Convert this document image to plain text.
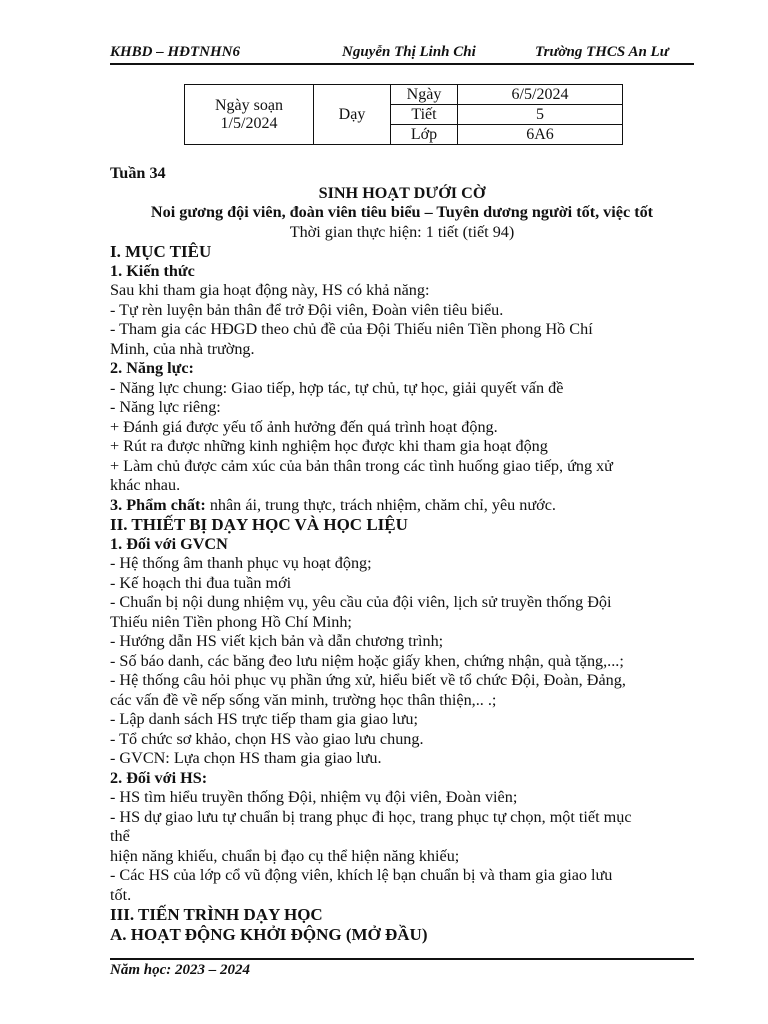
KHBD – HĐTNHN6	Nguyễn Thị Linh Chi	Trường THCS An Lư
Ngày soạn
1/5/2024	Dạy	Ngày	6/5/2024
		Tiết	5
		Lớp	6A6

Tuần 34

SINH HOẠT DƯỚI CỜ

Noi gương đội viên, đoàn viên tiêu biểu – Tuyên dương người tốt, việc tốt

Thời gian thực hiện: 1 tiết (tiết 94)

I. MỤC TIÊU

1. Kiến thức

Sau khi tham gia hoạt động này, HS có khả năng:

- Tự rèn luyện bản thân để trở Đội viên, Đoàn viên tiêu biểu.

- Tham gia các HĐGD theo chủ đề của Đội Thiếu niên Tiền phong Hồ Chí

Minh, của nhà trường.

2. Năng lực:

- Năng lực chung: Giao tiếp, hợp tác, tự chủ, tự học, giải quyết vấn đề

- Năng lực riêng:

+ Đánh giá được yếu tố ảnh hưởng đến quá trình hoạt động.

+ Rút ra được những kinh nghiệm học được khi tham gia hoạt động

+ Làm chủ được cảm xúc của bản thân trong các tình huống giao tiếp, ứng xử

khác nhau.

3. Phẩm chất: nhân ái, trung thực, trách nhiệm, chăm chỉ, yêu nước.

II. THIẾT BỊ DẠY HỌC VÀ HỌC LIỆU

1. Đối với GVCN

- Hệ thống âm thanh phục vụ hoạt động;

- Kế hoạch thi đua tuần mới

- Chuẩn bị nội dung nhiệm vụ, yêu cầu của đội viên, lịch sử truyền thống Đội

Thiếu niên Tiền phong Hồ Chí Minh;

- Hướng dẫn HS viết kịch bản và dẫn chương trình;

- Số báo danh, các băng đeo lưu niệm hoặc giấy khen, chứng nhận, quà tặng,...;

- Hệ thống câu hỏi phục vụ phần ứng xử, hiểu biết về tổ chức Đội, Đoàn, Đảng,

các vấn đề về nếp sống văn minh, trường học thân thiện,.. .;

- Lập danh sách HS trực tiếp tham gia giao lưu;

- Tổ chức sơ khảo, chọn HS vào giao lưu chung.

- GVCN: Lựa chọn HS tham gia giao lưu.

2. Đối với HS:

- HS tìm hiểu truyền thống Đội, nhiệm vụ đội viên, Đoàn viên;

- HS dự giao lưu tự chuẩn bị trang phục đi học, trang phục tự chọn, một tiết mục

thể

hiện năng khiếu, chuẩn bị đạo cụ thể hiện năng khiếu;

- Các HS của lớp cổ vũ động viên, khích lệ bạn chuẩn bị và tham gia giao lưu

tốt.

III. TIẾN TRÌNH DẠY HỌC

A. HOẠT ĐỘNG KHỞI ĐỘNG (MỞ ĐẦU)

Năm học: 2023 – 2024
